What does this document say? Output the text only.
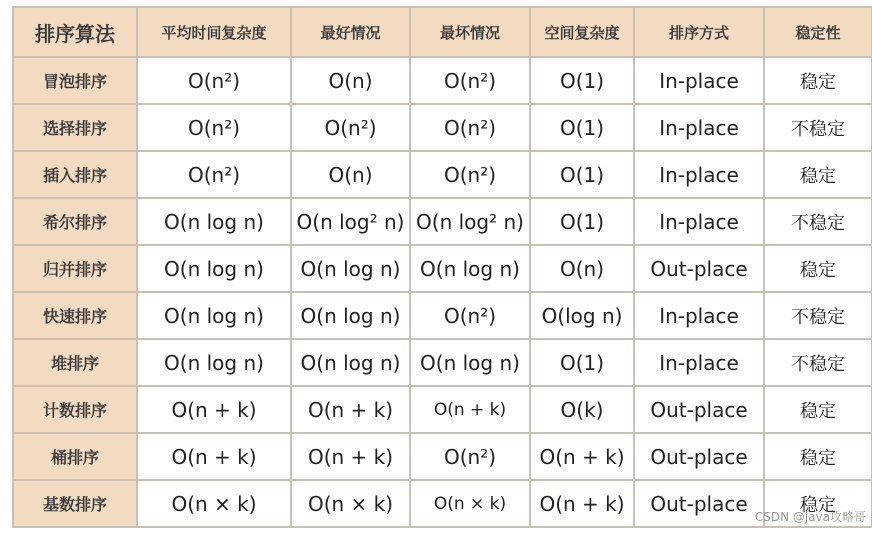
排序算法	平均时间复杂度	最好情况	最坏情况	空间复杂度	排序方式	稳定性
冒泡排序	O(n²)	O(n)	O(n²)	O(1)	In-place	稳定
选择排序	O(n²)	O(n²)	O(n²)	O(1)	In-place	不稳定
插入排序	O(n²)	O(n)	O(n²)	O(1)	In-place	稳定
希尔排序	O(n log n)	O(n log² n)	O(n log² n)	O(1)	In-place	不稳定
归并排序	O(n log n)	O(n log n)	O(n log n)	O(n)	Out-place	稳定
快速排序	O(n log n)	O(n log n)	O(n²)	O(log n)	In-place	不稳定
堆排序	O(n log n)	O(n log n)	O(n log n)	O(1)	In-place	不稳定
计数排序	O(n + k)	O(n + k)	O(n + k)	O(k)	Out-place	稳定
桶排序	O(n + k)	O(n + k)	O(n²)	O(n + k)	Out-place	稳定
基数排序	O(n × k)	O(n × k)	O(n × k)	O(n + k)	Out-place	稳定
CSDN @java攻略哥
